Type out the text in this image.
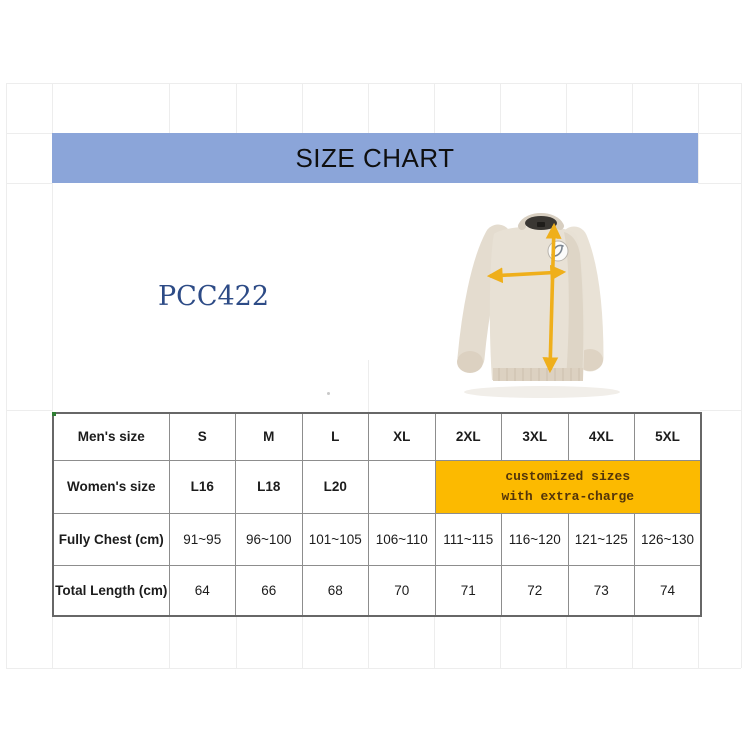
SIZE CHART
PCC422
Men's size	S	M	L	XL	2XL	3XL	4XL	5XL
Women's size	L16	L18	L20		customized sizes
with extra-charge			

Fully Chest (cm)	91~95	96~100	101~105	106~110	111~115	116~120	121~125	126~130
Total Length (cm)	64	66	68	70	71	72	73	74
